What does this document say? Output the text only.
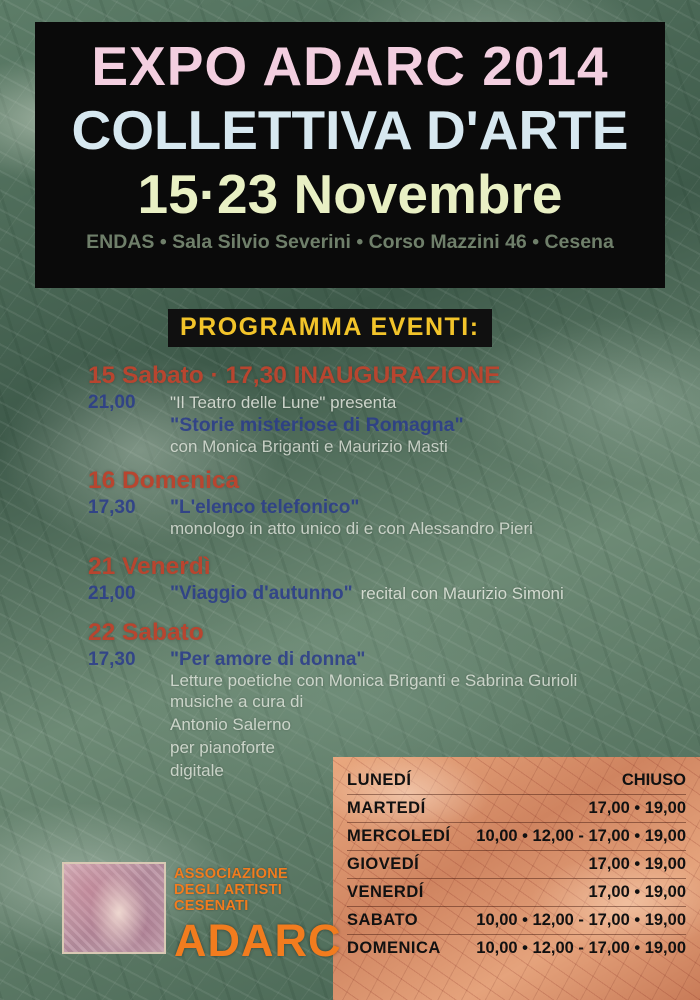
EXPO ADARC 2014
COLLETTIVA D'ARTE
15·23 Novembre
ENDAS • Sala Silvio Severini • Corso Mazzini 46 • Cesena
PROGRAMMA EVENTI:
15 Sabato · 17,30 INAUGURAZIONE
21,00	"Il Teatro delle Lune" presenta
"Storie misteriose di Romagna"
con Monica Briganti e Maurizio Masti
16 Domenica
17,30	"L'elenco telefonico"
monologo in atto unico di e con Alessandro Pieri
21 Venerdì
21,00	"Viaggio d'autunno" recital con Maurizio Simoni
22 Sabato
17,30	"Per amore di donna"
Letture poetiche con Monica Briganti e Sabrina Gurioli
musiche a cura di Antonio Salerno per pianoforte digitale
LUNEDÍ	CHIUSO
MARTEDÍ	17,00 • 19,00
MERCOLEDÍ 10,00 • 12,00 - 17,00 • 19,00
GIOVEDÍ	17,00 • 19,00
VENERDÍ	17,00 • 19,00
SABATO	10,00 • 12,00 - 17,00 • 19,00
DOMENICA 10,00 • 12,00 - 17,00 • 19,00
ASSOCIAZIONE
DEGLI ARTISTI
CESENATI
ADARC
